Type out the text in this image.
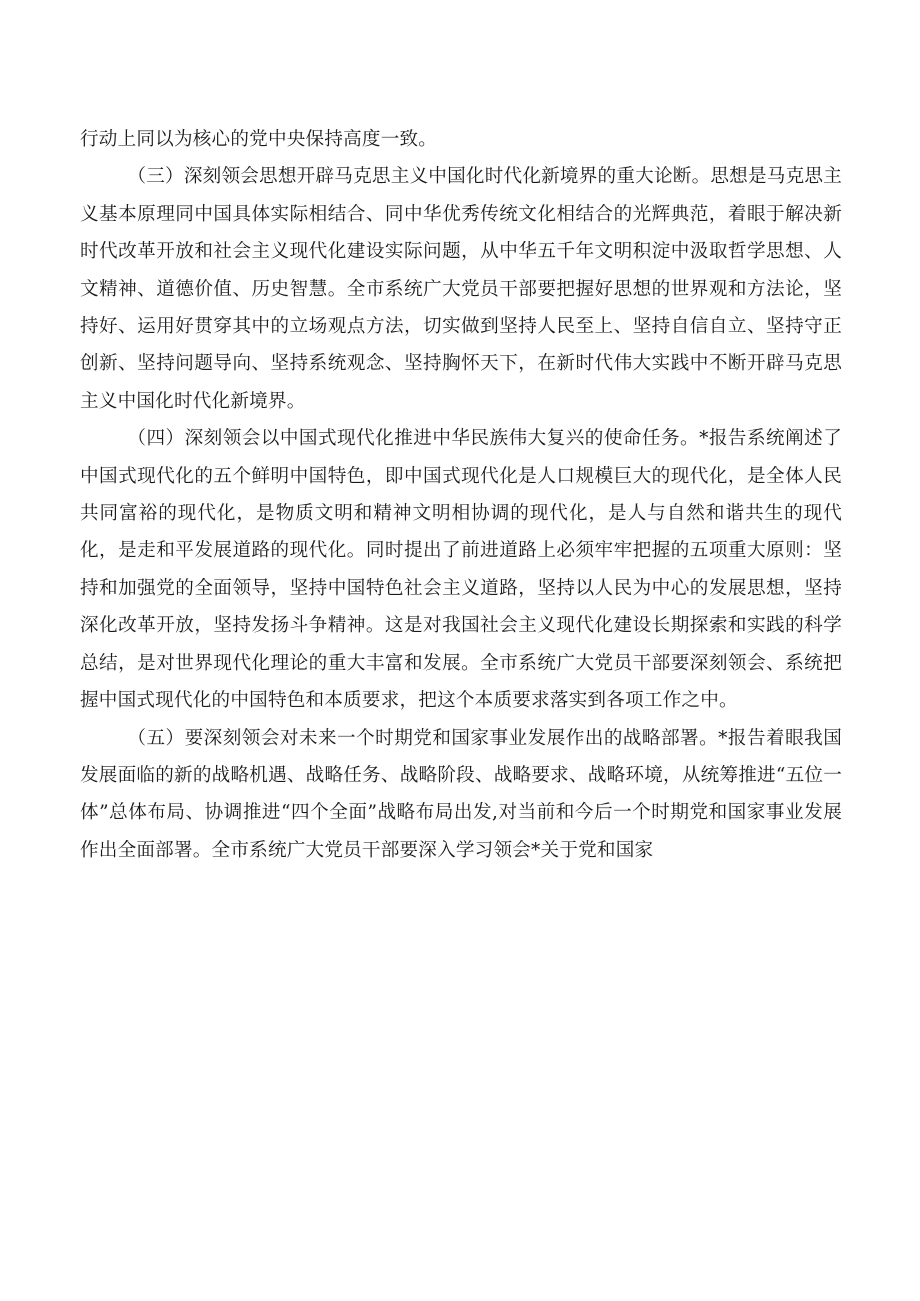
行动上同以为核心的党中央保持高度一致。

（三）深刻领会思想开辟马克思主义中国化时代化新境界的重大论断。思想是马克思主义基本原理同中国具体实际相结合、同中华优秀传统文化相结合的光辉典范，着眼于解决新时代改革开放和社会主义现代化建设实际问题，从中华五千年文明积淀中汲取哲学思想、人文精神、道德价值、历史智慧。全市系统广大党员干部要把握好思想的世界观和方法论，坚持好、运用好贯穿其中的立场观点方法，切实做到坚持人民至上、坚持自信自立、坚持守正创新、坚持问题导向、坚持系统观念、坚持胸怀天下，在新时代伟大实践中不断开辟马克思主义中国化时代化新境界。

（四）深刻领会以中国式现代化推进中华民族伟大复兴的使命任务。*报告系统阐述了中国式现代化的五个鲜明中国特色，即中国式现代化是人口规模巨大的现代化，是全体人民共同富裕的现代化，是物质文明和精神文明相协调的现代化，是人与自然和谐共生的现代化，是走和平发展道路的现代化。同时提出了前进道路上必须牢牢把握的五项重大原则：坚持和加强党的全面领导，坚持中国特色社会主义道路，坚持以人民为中心的发展思想，坚持深化改革开放，坚持发扬斗争精神。这是对我国社会主义现代化建设长期探索和实践的科学总结，是对世界现代化理论的重大丰富和发展。全市系统广大党员干部要深刻领会、系统把握中国式现代化的中国特色和本质要求，把这个本质要求落实到各项工作之中。

（五）要深刻领会对未来一个时期党和国家事业发展作出的战略部署。*报告着眼我国发展面临的新的战略机遇、战略任务、战略阶段、战略要求、战略环境，从统筹推进“五位一体”总体布局、协调推进“四个全面”战略布局出发,对当前和今后一个时期党和国家事业发展作出全面部署。全市系统广大党员干部要深入学习领会*关于党和国家
